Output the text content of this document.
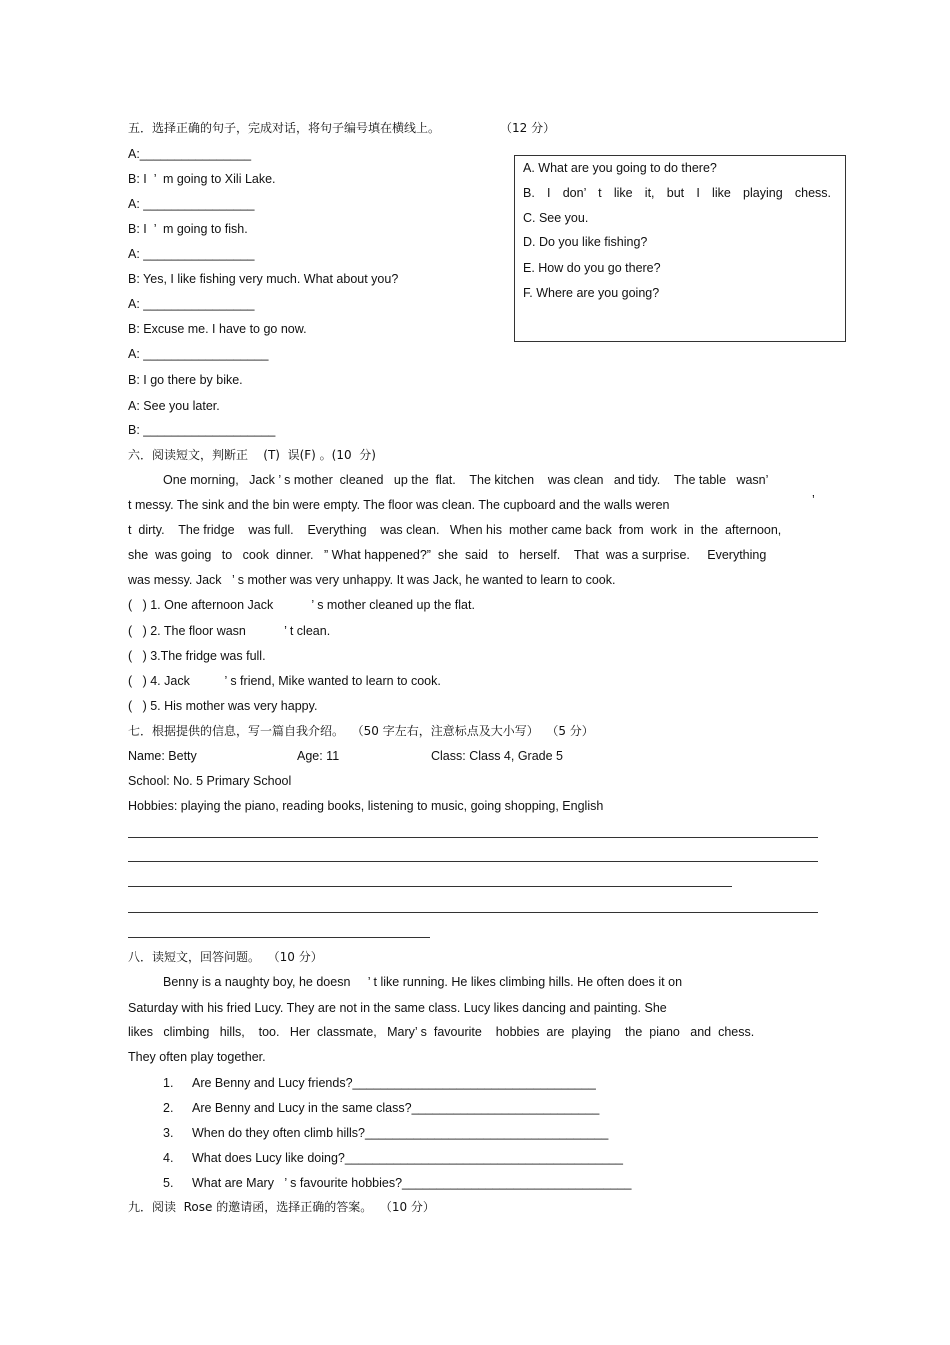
五．选择正确的句子，完成对话，将句子编号填在横线上。	（12 分）
A:________________
B: I  ’  m going to Xili Lake.
A: ________________
B: I  ’  m going to fish.
A: ________________
B: Yes, I like fishing very much. What about you?
A: ________________
B: Excuse me. I have to go now.
A: __________________
B: I go there by bike.
A: See you later.
B: ___________________
A. What are you going to do there?
B. I don’ t like it, but I like playing chess.
C. See you.
D. Do you like fishing?
E. How do you go there?
F. Where are you going?
六．阅读短文，判断正    (T)  误(F) 。(10  分)
One morning,   Jack ’ s mother  cleaned   up the  flat.    The kitchen    was clean   and tidy.    The table   wasn’
t messy. The sink and the bin were empty. The floor was clean. The cupboard and the walls weren	’
t  dirty.    The fridge    was full.    Everything    was clean.   When his  mother came back  from  work  in  the  afternoon,
she  was going   to   cook  dinner.   ” What happened?”  she  said   to   herself.    That  was a surprise.     Everything
was messy. Jack   ’ s mother was very unhappy. It was Jack, he wanted to learn to cook.
(   ) 1. One afternoon Jack           ’ s mother cleaned up the flat.
(   ) 2. The floor wasn           ’ t clean.
(   ) 3.The fridge was full.
(   ) 4. Jack          ’ s friend, Mike wanted to learn to cook.
(   ) 5. His mother was very happy.
七．根据提供的信息，写一篇自我介绍。  （50 字左右，注意标点及大小写）  （5 分）
Name: Betty	Age: 11	Class: Class 4, Grade 5
School: No. 5 Primary School
Hobbies: playing the piano, reading books, listening to music, going shopping, English
八．读短文，回答问题。  （10 分）
Benny is a naughty boy, he doesn     ’ t like running. He likes climbing hills. He often does it on
Saturday with his fried Lucy. They are not in the same class. Lucy likes dancing and painting. She
likes   climbing   hills,    too.   Her  classmate,   Mary’ s  favourite    hobbies  are  playing    the  piano   and  chess.
They often play together.
1. Are Benny and Lucy friends?___________________________________
2. Are Benny and Lucy in the same class?___________________________
3. When do they often climb hills?___________________________________
4. What does Lucy like doing?________________________________________
5. What are Mary   ’ s favourite hobbies?_________________________________
九．阅读  Rose 的邀请函，选择正确的答案。  （10 分）
